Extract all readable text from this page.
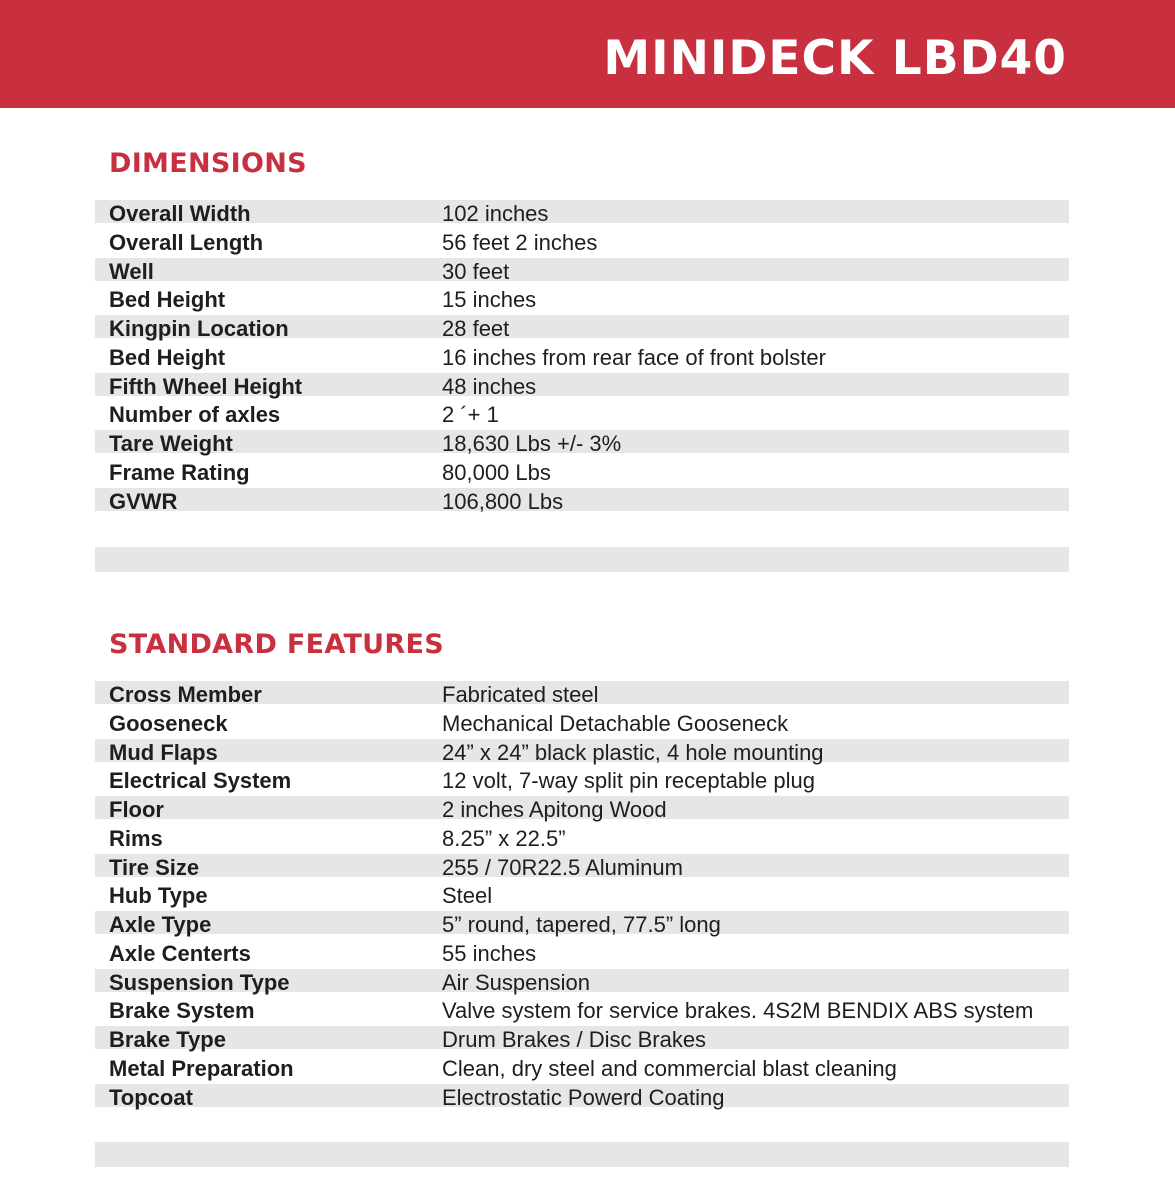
MINIDECK LBD40
DIMENSIONS
Overall Width	102 inches
Overall Length	56 feet 2 inches
Well	30 feet
Bed Height	15 inches
Kingpin Location	28 feet
Bed Height	16 inches from rear face of front bolster
Fifth Wheel Height	48 inches
Number of axles	2 ´+ 1
Tare Weight	18,630 Lbs +/- 3%
Frame Rating	80,000 Lbs
GVWR	106,800 Lbs
STANDARD FEATURES
Cross Member	Fabricated steel
Gooseneck	Mechanical Detachable Gooseneck
Mud Flaps	24” x 24” black plastic, 4 hole mounting
Electrical System	12 volt, 7-way split pin receptable plug
Floor	2 inches Apitong Wood
Rims	8.25” x 22.5”
Tire Size	255 / 70R22.5 Aluminum
Hub Type	Steel
Axle Type	5” round, tapered, 77.5” long
Axle Centerts	55 inches
Suspension Type	Air Suspension
Brake System	Valve system for service brakes. 4S2M BENDIX ABS system
Brake Type	Drum Brakes / Disc Brakes
Metal Preparation	Clean, dry steel and commercial blast cleaning
Topcoat	Electrostatic Powerd Coating
